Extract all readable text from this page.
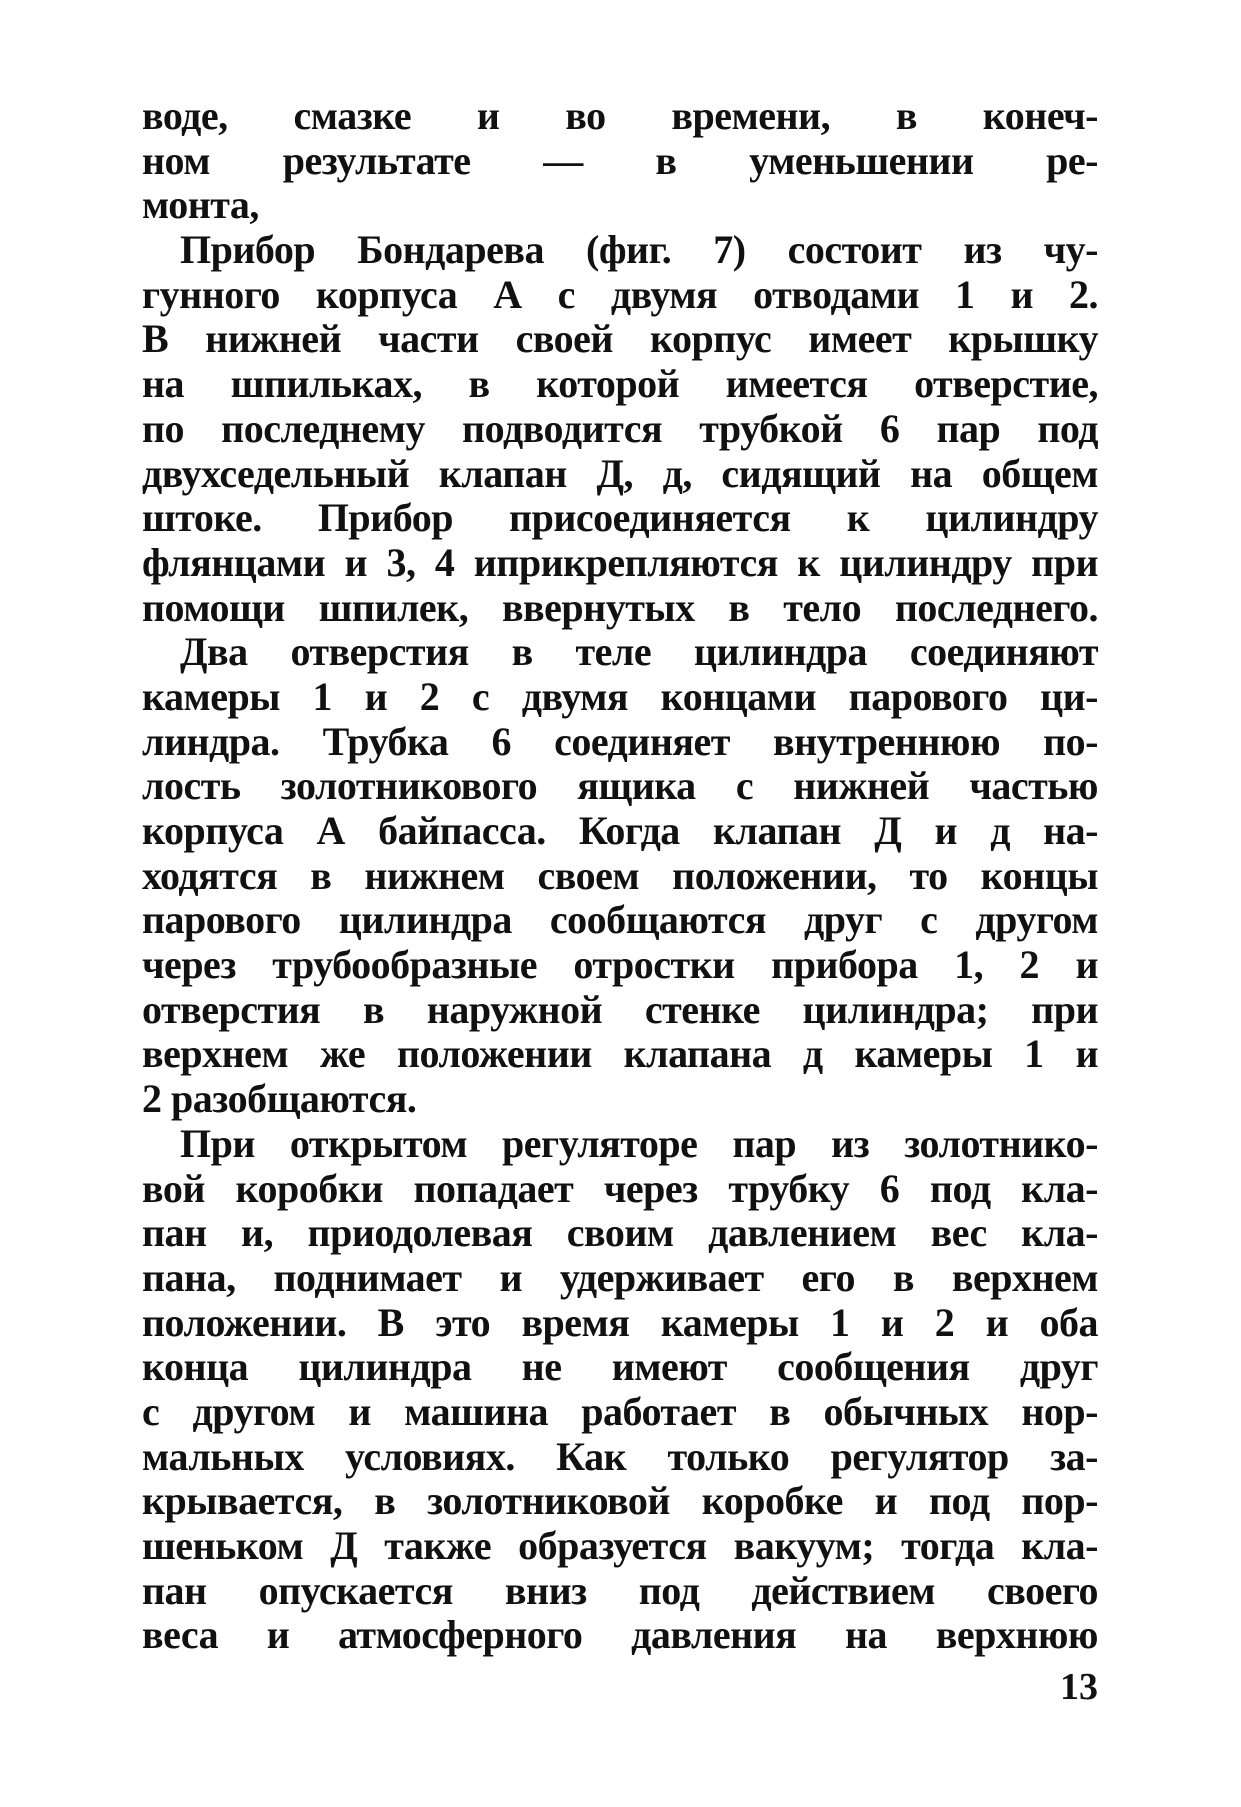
воде, смазке и во времени, в конеч-
ном результате — в уменьшении ре-
монта,
Прибор Бондарева (фиг. 7) состоит из чу-
гунного корпуса А с двумя отводами 1 и 2.
В нижней части своей корпус имеет крышку
на шпильках, в которой имеется отверстие,
по последнему подводится трубкой 6 пар под
двухседельный клапан Д, д, сидящий на общем
штоке. Прибор присоединяется к цилиндру
флянцами и 3, 4 иприкрепляются к цилиндру при
помощи шпилек, ввернутых в тело последнего.
Два отверстия в теле цилиндра соединяют
камеры 1 и 2 с двумя концами парового ци-
линдра. Трубка 6 соединяет внутреннюю по-
лость золотникового ящика с нижней частью
корпуса А байпасса. Когда клапан Д и д на-
ходятся в нижнем своем положении, то концы
парового цилиндра сообщаются друг с другом
через трубообразные отростки прибора 1, 2 и
отверстия в наружной стенке цилиндра; при
верхнем же положении клапана д камеры 1 и
2 разобщаются.
При открытом регуляторе пар из золотнико-
вой коробки попадает через трубку 6 под кла-
пан и, приодолевая своим давлением вес кла-
пана, поднимает и удерживает его в верхнем
положении. В это время камеры 1 и 2 и оба
конца цилиндра не имеют сообщения друг
с другом и машина работает в обычных нор-
мальных условиях. Как только регулятор за-
крывается, в золотниковой коробке и под пор-
шеньком Д также образуется вакуум; тогда кла-
пан опускается вниз под действием своего
веса и атмосферного давления на верхнюю
13
